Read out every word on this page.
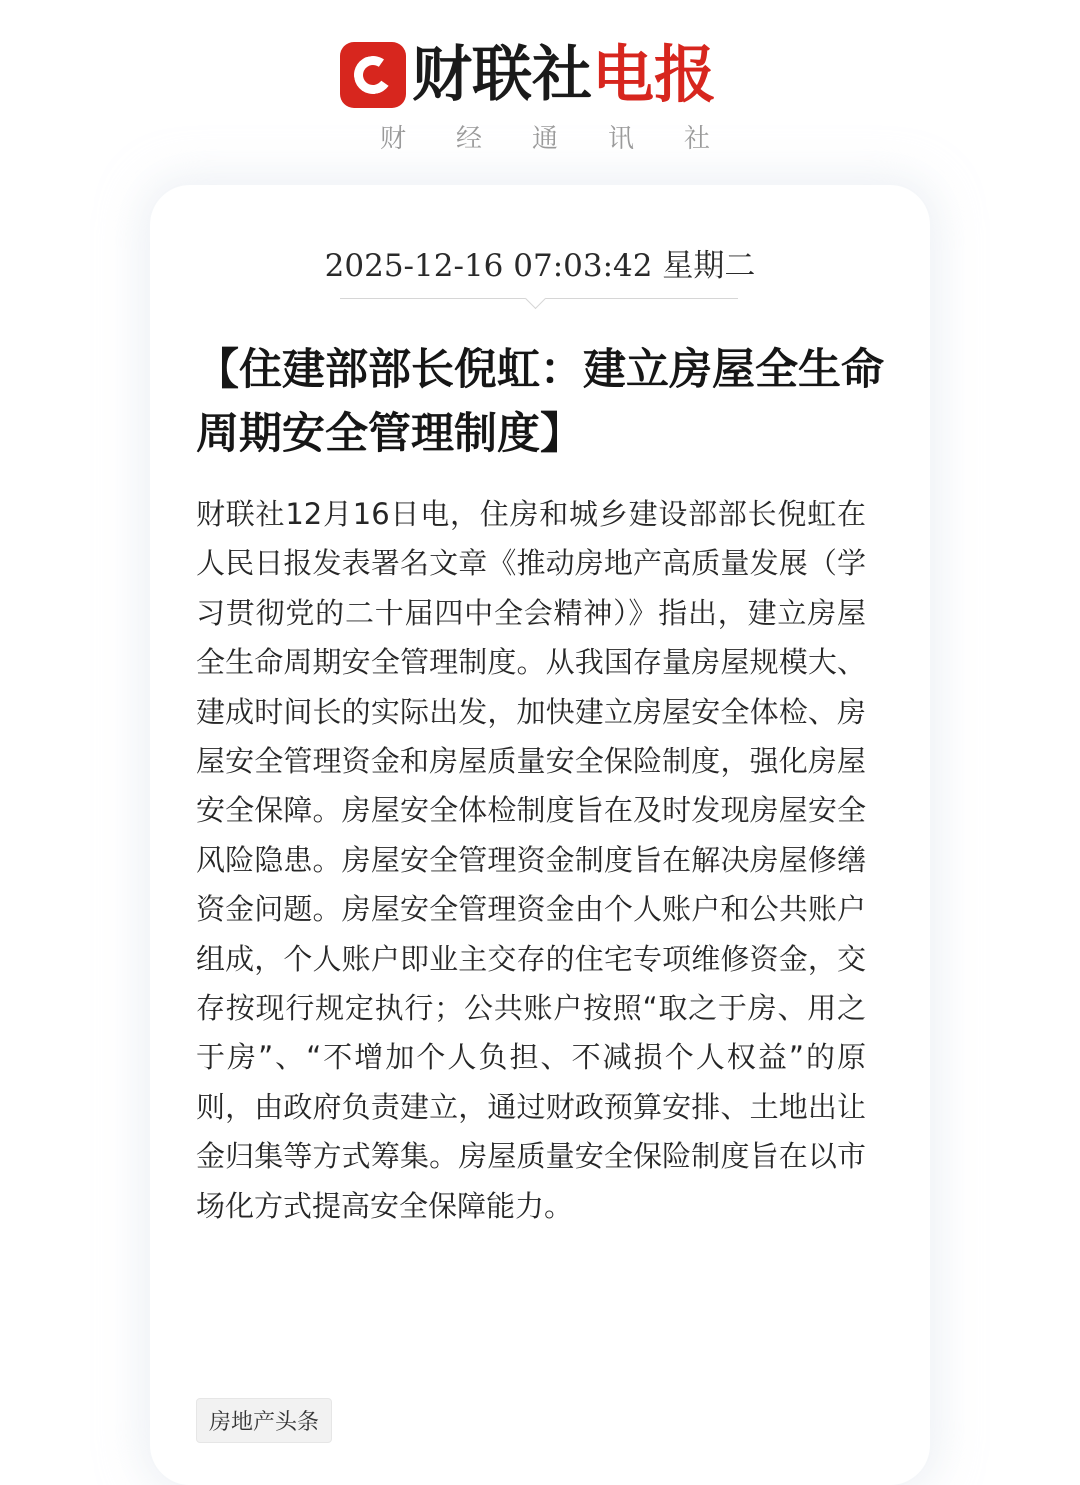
财联社 电报
财 经 通 讯 社
2025-12-16 07:03:42 星期二
【住建部部长倪虹：建立房屋全生命周期安全管理制度】
财联社12月16日电，住房和城乡建设部部长倪虹在人民日报发表署名文章《推动房地产高质量发展（学习贯彻党的二十届四中全会精神）》指出，建立房屋全生命周期安全管理制度。从我国存量房屋规模大、建成时间长的实际出发，加快建立房屋安全体检、房屋安全管理资金和房屋质量安全保险制度，强化房屋安全保障。房屋安全体检制度旨在及时发现房屋安全风险隐患。房屋安全管理资金制度旨在解决房屋修缮资金问题。房屋安全管理资金由个人账户和公共账户组成，个人账户即业主交存的住宅专项维修资金，交存按现行规定执行；公共账户按照“取之于房、用之于房”、“不增加个人负担、不减损个人权益”的原则，由政府负责建立，通过财政预算安排、土地出让金归集等方式筹集。房屋质量安全保险制度旨在以市场化方式提高安全保障能力。
房地产头条
